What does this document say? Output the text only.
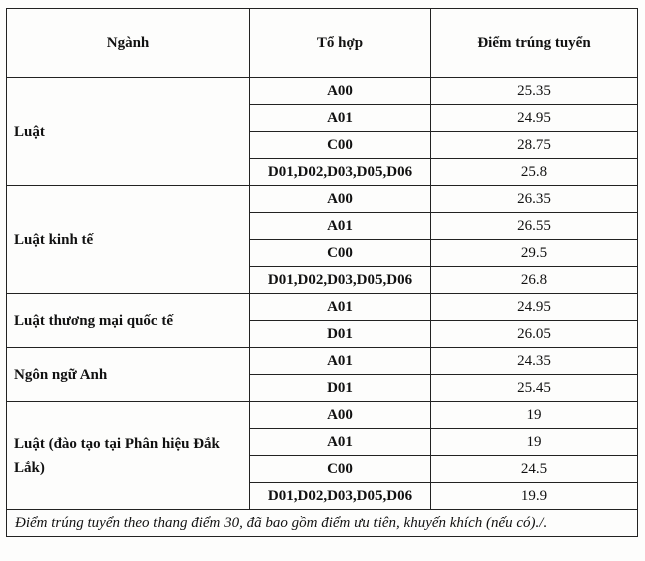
Ngành	Tổ hợp	Điểm trúng tuyển
Luật	A00	25.35
	A01	24.95
	C00	28.75
	D01,D02,D03,D05,D06	25.8
Luật kinh tế	A00	26.35
	A01	26.55
	C00	29.5
	D01,D02,D03,D05,D06	26.8
Luật thương mại quốc tế	A01	24.95
	D01	26.05
Ngôn ngữ Anh	A01	24.35
	D01	25.45
Luật (đào tạo tại Phân hiệu Đắk Lắk)	A00	19
	A01	19
	C00	24.5
	D01,D02,D03,D05,D06	19.9
Điểm trúng tuyển theo thang điểm 30, đã bao gồm điểm ưu tiên, khuyến khích (nếu có)./.		
